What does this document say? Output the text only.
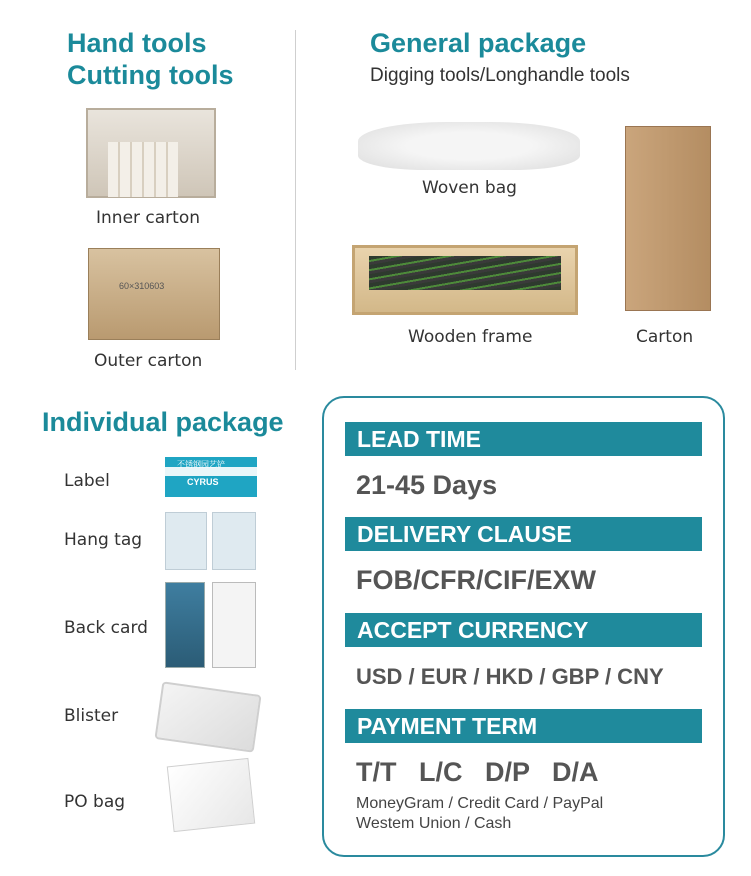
Hand tools
Cutting tools
Inner carton
60×310603
Outer carton
General package
Digging tools/Longhandle tools
Woven bag
Wooden frame	Carton
Individual package
Label
不锈钢园艺铲
CYRUS
Hang tag
Back card
Blister
PO bag
LEAD TIME
21-45 Days
DELIVERY CLAUSE
FOB/CFR/CIF/EXW
ACCEPT CURRENCY
USD / EUR / HKD / GBP / CNY
PAYMENT TERM
T/T   L/C   D/P   D/A
MoneyGram / Credit Card / PayPal
Westem Union / Cash
